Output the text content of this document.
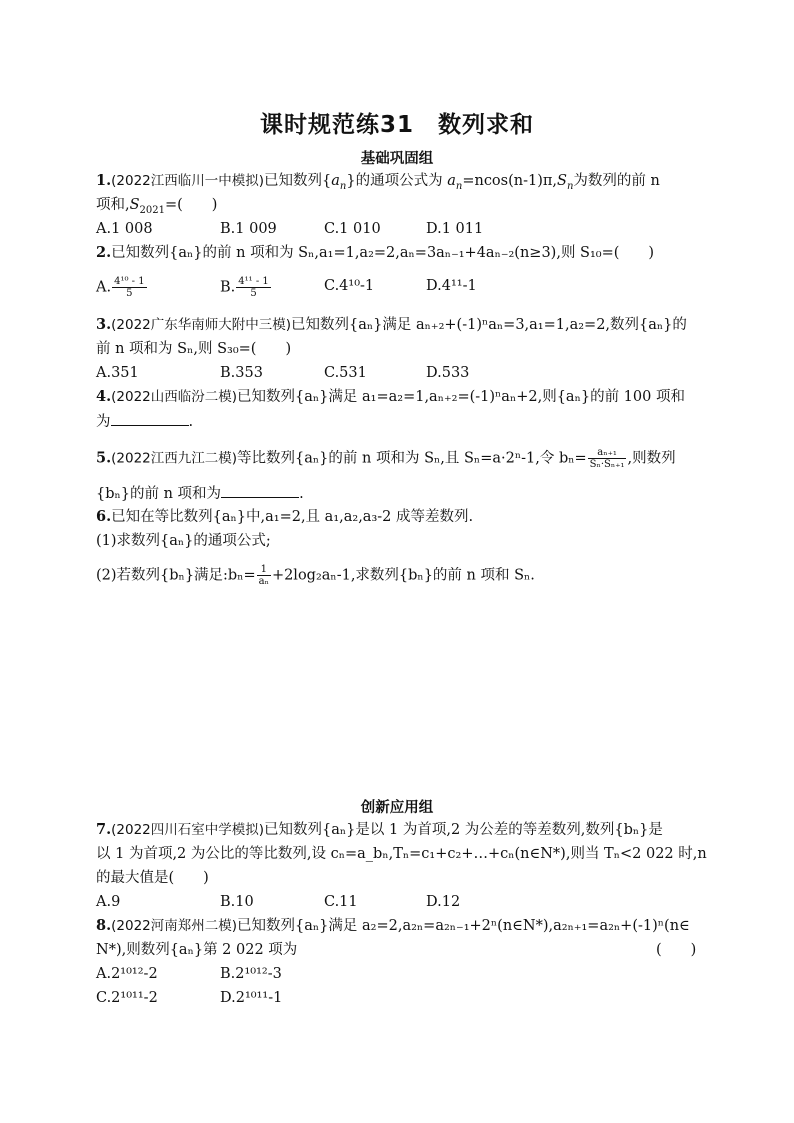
课时规范练31　数列求和
基础巩固组
1.(2022江西临川一中模拟)已知数列$\{a_n\}$的通项公式为 $a_n=ncos(n-1)\pi,S_n$为数列的前 n
项和$,S_{2021}=$(　　)
A.1 008	B.1 009	C.1 010	D.1 011
2.已知数列{aₙ}的前 n 项和为 Sₙ,a₁=1,a₂=2,aₙ=3aₙ₋₁+4aₙ₋₂(n≥3),则 S₁₀=(　　)
A. $\frac{\text{4¹⁰ - 1}}{5}$	B. $\frac{\text{4¹¹ - 1}}{5}$	C.4¹⁰-1	D.4¹¹-1
3.(2022广东华南师大附中三模)已知数列{aₙ}满足 aₙ₊₂+(-1)ⁿaₙ=3,a₁=1,a₂=2,数列{aₙ}的
前 n 项和为 Sₙ,则 S₃₀=(　　)
A.351	B.353	C.531	D.533
4.(2022山西临汾二模)已知数列{aₙ}满足 a₁=a₂=1,aₙ₊₂=(-1)ⁿaₙ+2,则{aₙ}的前 100 项和
为	.
5.(2022江西九江二模)等比数列{aₙ}的前 n 项和为 Sₙ,且 Sₙ=a·2ⁿ-1,令 $b_n= \frac{\text{aₙ₊₁}}{\text{Sₙ·Sₙ₊₁}}$ ,则数列
{bₙ}的前 n 项和为	.
6.已知在等比数列{aₙ}中,a₁=2,且 a₁,a₂,a₃-2 成等差数列.
(1)求数列{aₙ}的通项公式;
(2)若数列{bₙ}满足:bₙ= $\frac{1}{\text{aₙ}} +2\log_2a_n-1$,求数列{bₙ}的前 n 项和 Sₙ.
创新应用组
7.(2022四川石室中学模拟)已知数列{aₙ}是以 1 为首项,2 为公差的等差数列,数列{bₙ}是
以 1 为首项,2 为公比的等比数列,设 cₙ=a_bₙ,Tₙ=c₁+c₂+…+cₙ(n∈N*),则当 Tₙ<2 022 时,n
的最大值是(　　)
A.9	B.10	C.11	D.12
8.(2022河南郑州二模)已知数列{aₙ}满足 a₂=2,a₂ₙ=a₂ₙ₋₁+2ⁿ(n∈N*),a₂ₙ₊₁=a₂ₙ+(-1)ⁿ(n∈
N*),则数列{aₙ}第 2 022 项为	(　　)
A.2¹⁰¹²-2	B.2¹⁰¹²-3
C.2¹⁰¹¹-2	D.2¹⁰¹¹-1
